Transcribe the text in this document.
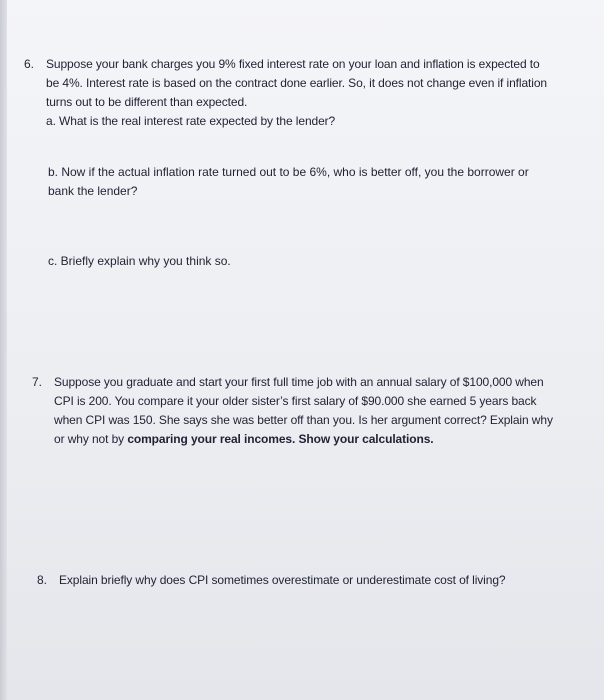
6. Suppose your bank charges you 9% fixed interest rate on your loan and inflation is expected to
be 4%. Interest rate is based on the contract done earlier. So, it does not change even if inflation
turns out to be different than expected.
a. What is the real interest rate expected by the lender?
b. Now if the actual inflation rate turned out to be 6%, who is better off, you the borrower or
bank the lender?
c. Briefly explain why you think so.
7. Suppose you graduate and start your first full time job with an annual salary of $100,000 when
CPI is 200. You compare it your older sister’s first salary of $90.000 she earned 5 years back
when CPI was 150. She says she was better off than you. Is her argument correct? Explain why
or why not by comparing your real incomes. Show your calculations.
8. Explain briefly why does CPI sometimes overestimate or underestimate cost of living?
